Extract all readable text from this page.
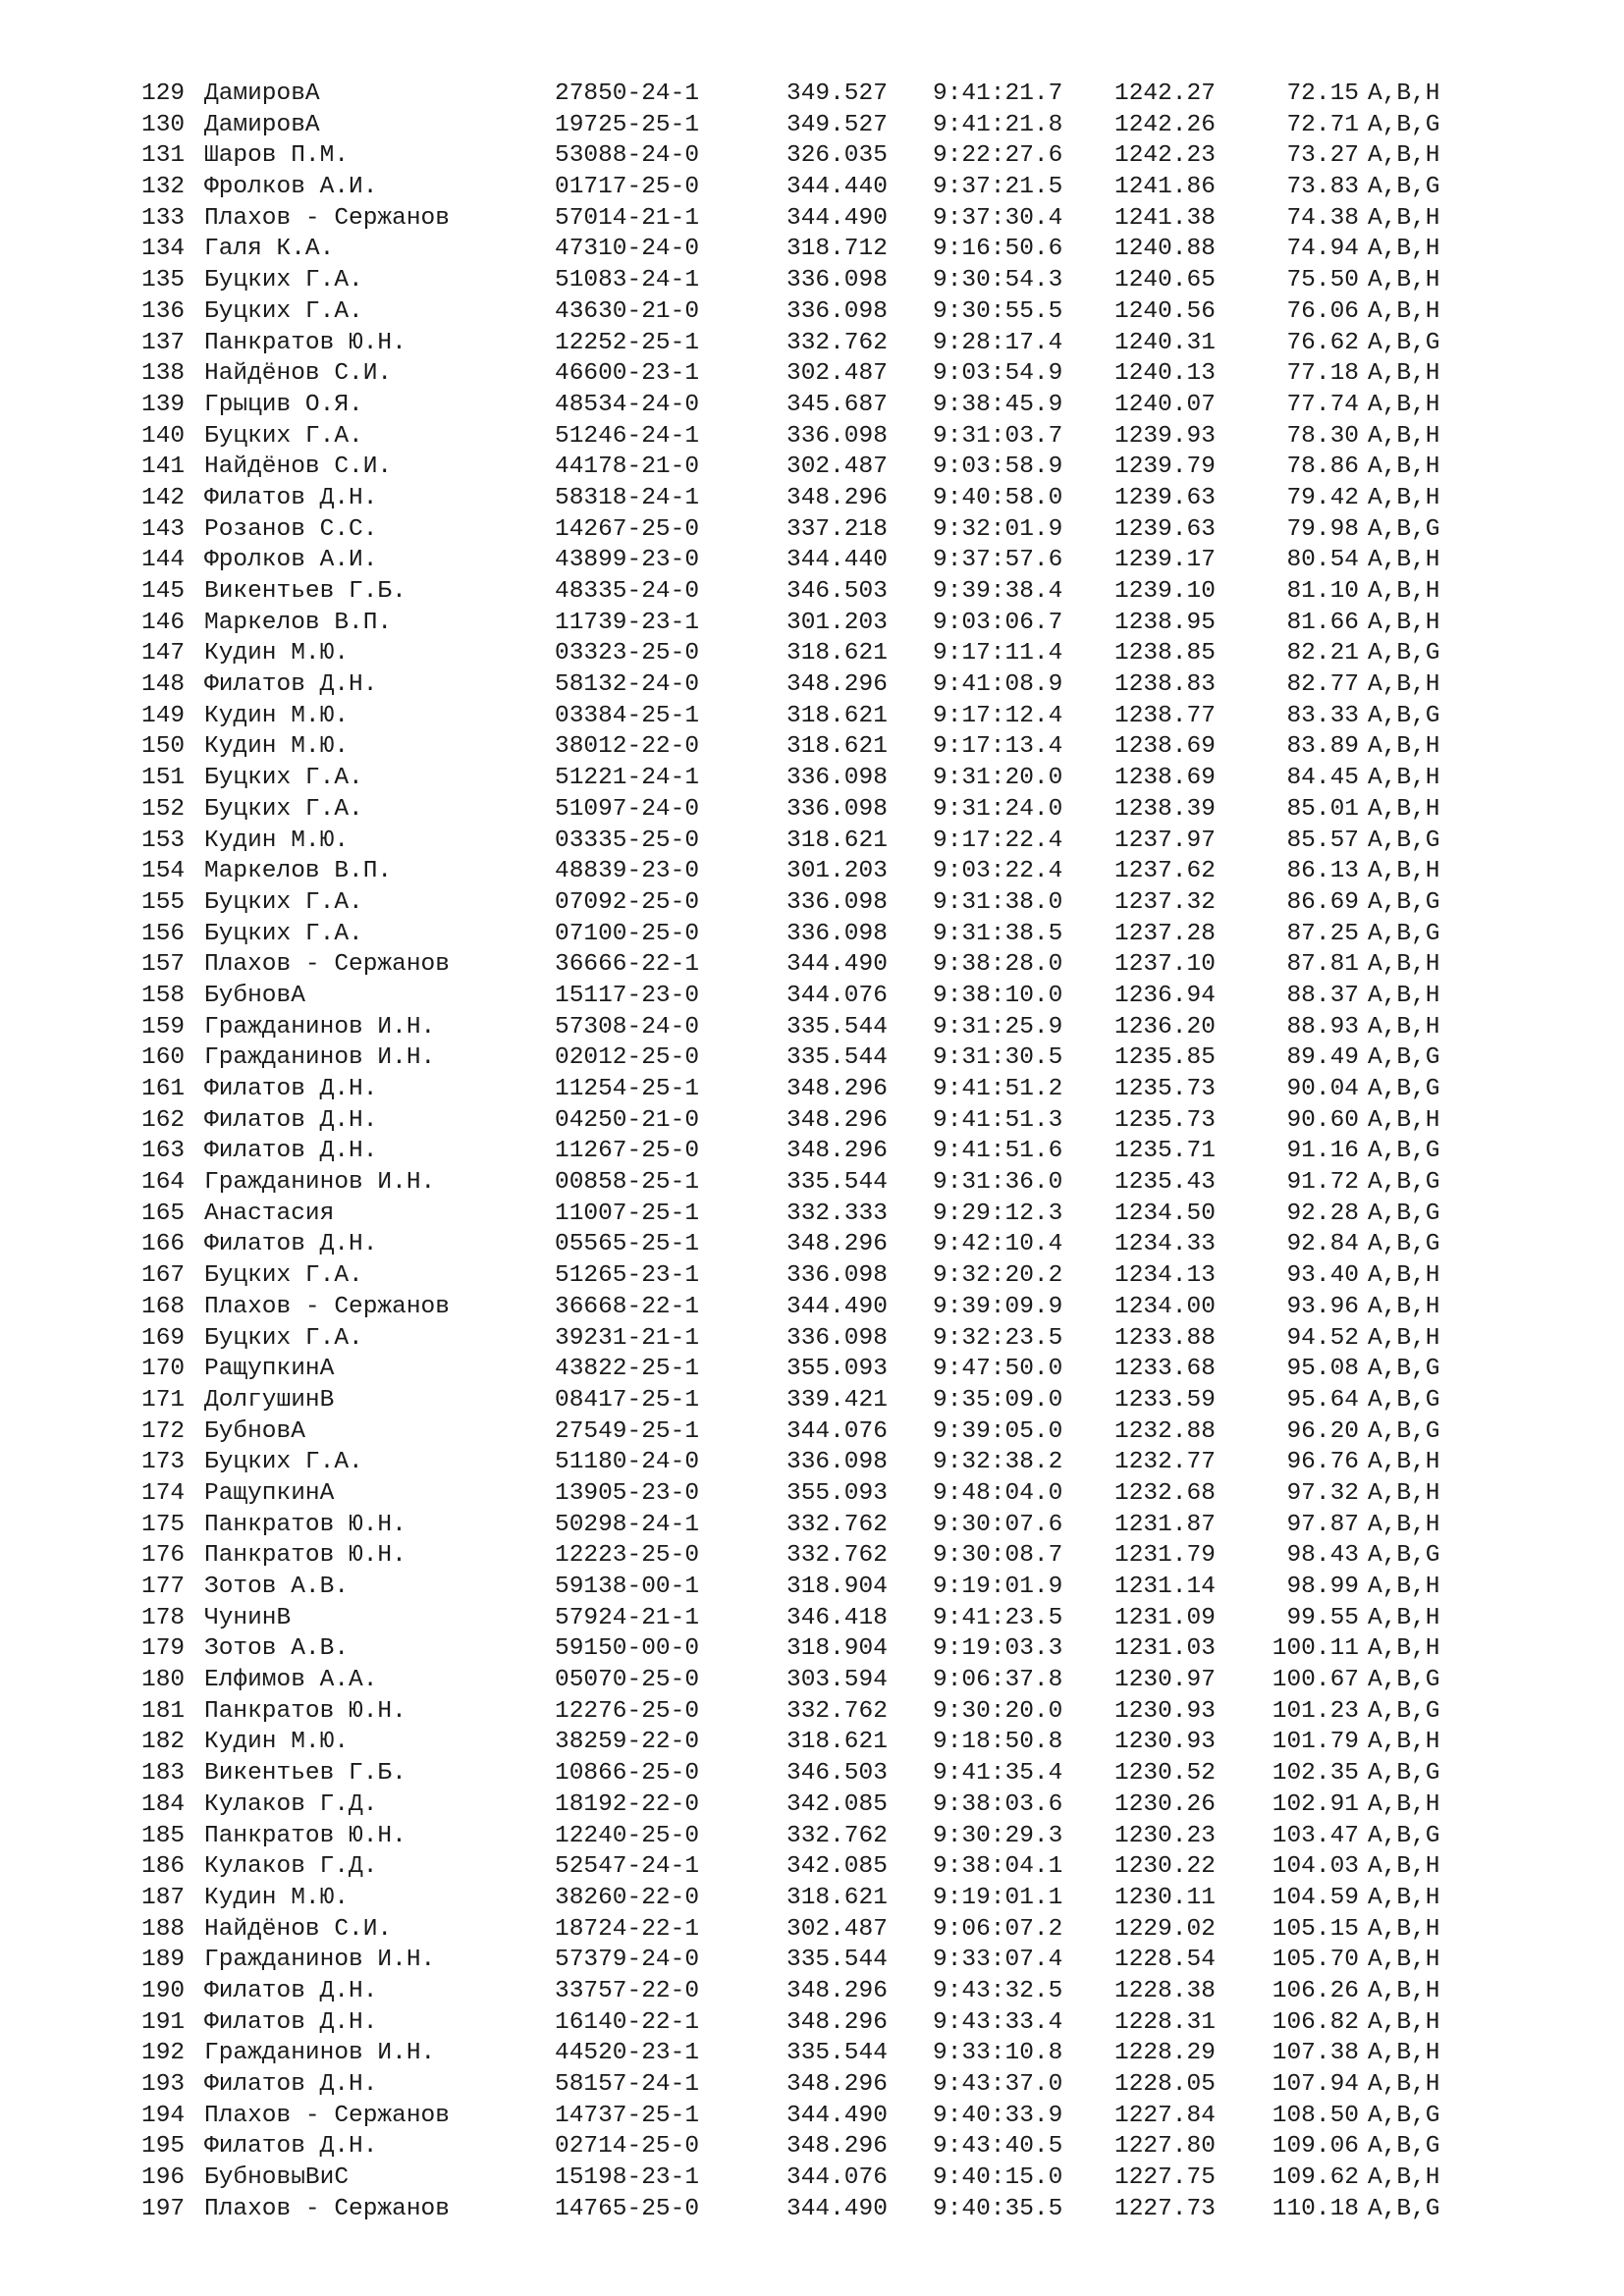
129 ДамировА	27850-24-1	349.527 9:41:21.7 1242.27	72.15 A,B,H
130 ДамировА	19725-25-1	349.527 9:41:21.8 1242.26	72.71 A,B,G
131 Шаров П.М.	53088-24-0	326.035 9:22:27.6 1242.23	73.27 A,B,H
132 Фролков А.И.	01717-25-0	344.440 9:37:21.5 1241.86	73.83 A,B,G
133 Плахов - Сержанов	57014-21-1	344.490 9:37:30.4 1241.38	74.38 A,B,H
134 Галя К.А.	47310-24-0	318.712 9:16:50.6 1240.88	74.94 A,B,H
135 Буцких Г.А.	51083-24-1	336.098 9:30:54.3 1240.65	75.50 A,B,H
136 Буцких Г.А.	43630-21-0	336.098 9:30:55.5 1240.56	76.06 A,B,H
137 Панкратов Ю.Н.	12252-25-1	332.762 9:28:17.4 1240.31	76.62 A,B,G
138 Найдёнов С.И.	46600-23-1	302.487 9:03:54.9 1240.13	77.18 A,B,H
139 Грыцив О.Я.	48534-24-0	345.687 9:38:45.9 1240.07	77.74 A,B,H
140 Буцких Г.А.	51246-24-1	336.098 9:31:03.7 1239.93	78.30 A,B,H
141 Найдёнов С.И.	44178-21-0	302.487 9:03:58.9 1239.79	78.86 A,B,H
142 Филатов Д.Н.	58318-24-1	348.296 9:40:58.0 1239.63	79.42 A,B,H
143 Розанов С.С.	14267-25-0	337.218 9:32:01.9 1239.63	79.98 A,B,G
144 Фролков А.И.	43899-23-0	344.440 9:37:57.6 1239.17	80.54 A,B,H
145 Викентьев Г.Б.	48335-24-0	346.503 9:39:38.4 1239.10	81.10 A,B,H
146 Маркелов В.П.	11739-23-1	301.203 9:03:06.7 1238.95	81.66 A,B,H
147 Кудин М.Ю.	03323-25-0	318.621 9:17:11.4 1238.85	82.21 A,B,G
148 Филатов Д.Н.	58132-24-0	348.296 9:41:08.9 1238.83	82.77 A,B,H
149 Кудин М.Ю.	03384-25-1	318.621 9:17:12.4 1238.77	83.33 A,B,G
150 Кудин М.Ю.	38012-22-0	318.621 9:17:13.4 1238.69	83.89 A,B,H
151 Буцких Г.А.	51221-24-1	336.098 9:31:20.0 1238.69	84.45 A,B,H
152 Буцких Г.А.	51097-24-0	336.098 9:31:24.0 1238.39	85.01 A,B,H
153 Кудин М.Ю.	03335-25-0	318.621 9:17:22.4 1237.97	85.57 A,B,G
154 Маркелов В.П.	48839-23-0	301.203 9:03:22.4 1237.62	86.13 A,B,H
155 Буцких Г.А.	07092-25-0	336.098 9:31:38.0 1237.32	86.69 A,B,G
156 Буцких Г.А.	07100-25-0	336.098 9:31:38.5 1237.28	87.25 A,B,G
157 Плахов - Сержанов	36666-22-1	344.490 9:38:28.0 1237.10	87.81 A,B,H
158 БубновА	15117-23-0	344.076 9:38:10.0 1236.94	88.37 A,B,H
159 Гражданинов И.Н.	57308-24-0	335.544 9:31:25.9 1236.20	88.93 A,B,H
160 Гражданинов И.Н.	02012-25-0	335.544 9:31:30.5 1235.85	89.49 A,B,G
161 Филатов Д.Н.	11254-25-1	348.296 9:41:51.2 1235.73	90.04 A,B,G
162 Филатов Д.Н.	04250-21-0	348.296 9:41:51.3 1235.73	90.60 A,B,H
163 Филатов Д.Н.	11267-25-0	348.296 9:41:51.6 1235.71	91.16 A,B,G
164 Гражданинов И.Н.	00858-25-1	335.544 9:31:36.0 1235.43	91.72 A,B,G
165 Анастасия	11007-25-1	332.333 9:29:12.3 1234.50	92.28 A,B,G
166 Филатов Д.Н.	05565-25-1	348.296 9:42:10.4 1234.33	92.84 A,B,G
167 Буцких Г.А.	51265-23-1	336.098 9:32:20.2 1234.13	93.40 A,B,H
168 Плахов - Сержанов	36668-22-1	344.490 9:39:09.9 1234.00	93.96 A,B,H
169 Буцких Г.А.	39231-21-1	336.098 9:32:23.5 1233.88	94.52 A,B,H
170 РащупкинА	43822-25-1	355.093 9:47:50.0 1233.68	95.08 A,B,G
171 ДолгушинВ	08417-25-1	339.421 9:35:09.0 1233.59	95.64 A,B,G
172 БубновА	27549-25-1	344.076 9:39:05.0 1232.88	96.20 A,B,G
173 Буцких Г.А.	51180-24-0	336.098 9:32:38.2 1232.77	96.76 A,B,H
174 РащупкинА	13905-23-0	355.093 9:48:04.0 1232.68	97.32 A,B,H
175 Панкратов Ю.Н.	50298-24-1	332.762 9:30:07.6 1231.87	97.87 A,B,H
176 Панкратов Ю.Н.	12223-25-0	332.762 9:30:08.7 1231.79	98.43 A,B,G
177 Зотов А.В.	59138-00-1	318.904 9:19:01.9 1231.14	98.99 A,B,H
178 ЧунинВ	57924-21-1	346.418 9:41:23.5 1231.09	99.55 A,B,H
179 Зотов А.В.	59150-00-0	318.904 9:19:03.3 1231.03	100.11 A,B,H
180 Елфимов А.А.	05070-25-0	303.594 9:06:37.8 1230.97	100.67 A,B,G
181 Панкратов Ю.Н.	12276-25-0	332.762 9:30:20.0 1230.93	101.23 A,B,G
182 Кудин М.Ю.	38259-22-0	318.621 9:18:50.8 1230.93	101.79 A,B,H
183 Викентьев Г.Б.	10866-25-0	346.503 9:41:35.4 1230.52	102.35 A,B,G
184 Кулаков Г.Д.	18192-22-0	342.085 9:38:03.6 1230.26	102.91 A,B,H
185 Панкратов Ю.Н.	12240-25-0	332.762 9:30:29.3 1230.23	103.47 A,B,G
186 Кулаков Г.Д.	52547-24-1	342.085 9:38:04.1 1230.22	104.03 A,B,H
187 Кудин М.Ю.	38260-22-0	318.621 9:19:01.1 1230.11	104.59 A,B,H
188 Найдёнов С.И.	18724-22-1	302.487 9:06:07.2 1229.02	105.15 A,B,H
189 Гражданинов И.Н.	57379-24-0	335.544 9:33:07.4 1228.54	105.70 A,B,H
190 Филатов Д.Н.	33757-22-0	348.296 9:43:32.5 1228.38	106.26 A,B,H
191 Филатов Д.Н.	16140-22-1	348.296 9:43:33.4 1228.31	106.82 A,B,H
192 Гражданинов И.Н.	44520-23-1	335.544 9:33:10.8 1228.29	107.38 A,B,H
193 Филатов Д.Н.	58157-24-1	348.296 9:43:37.0 1228.05	107.94 A,B,H
194 Плахов - Сержанов	14737-25-1	344.490 9:40:33.9 1227.84	108.50 A,B,G
195 Филатов Д.Н.	02714-25-0	348.296 9:43:40.5 1227.80	109.06 A,B,G
196 БубновыВиС	15198-23-1	344.076 9:40:15.0 1227.75	109.62 A,B,H
197 Плахов - Сержанов	14765-25-0	344.490 9:40:35.5 1227.73	110.18 A,B,G
